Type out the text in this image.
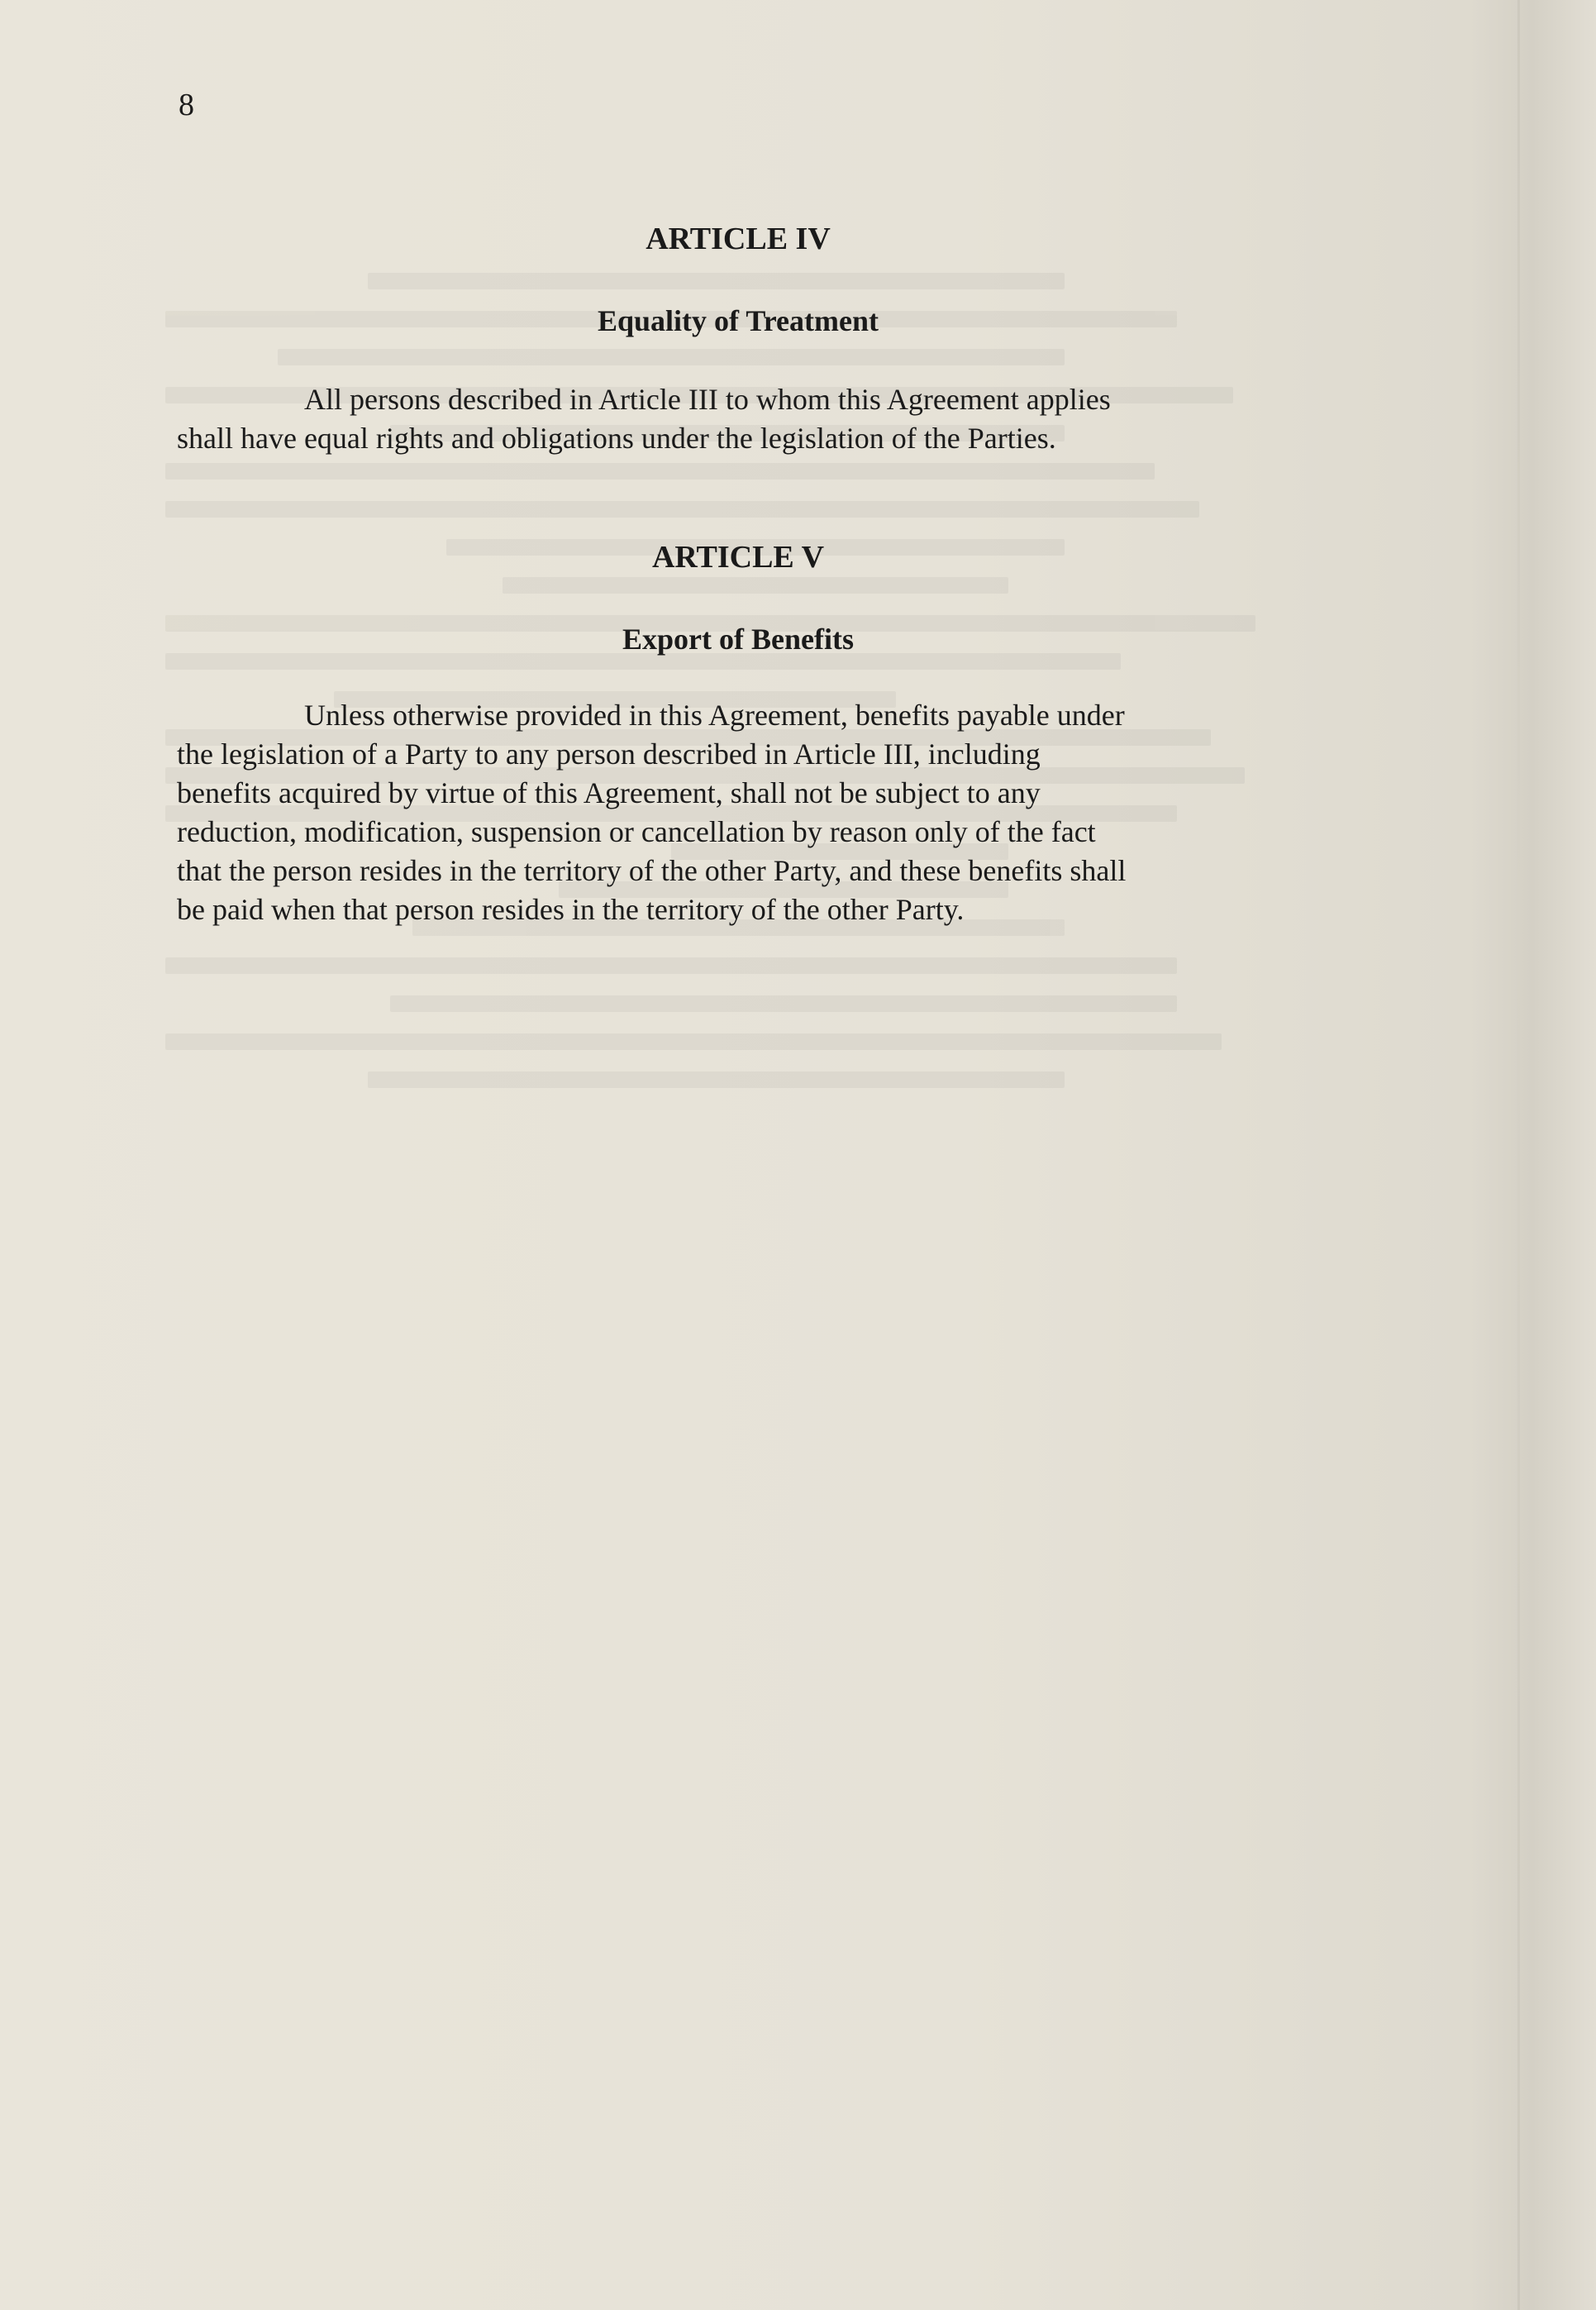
8
ARTICLE IV
Equality of Treatment
All persons described in Article III to whom this Agreement applies
shall have equal rights and obligations under the legislation of the Parties.
ARTICLE V
Export of Benefits
Unless otherwise provided in this Agreement, benefits payable under
the legislation of a Party to any person described in Article III, including
benefits acquired by virtue of this Agreement, shall not be subject to any
reduction, modification, suspension or cancellation by reason only of the fact
that the person resides in the territory of the other Party, and these benefits shall
be paid when that person resides in the territory of the other Party.
